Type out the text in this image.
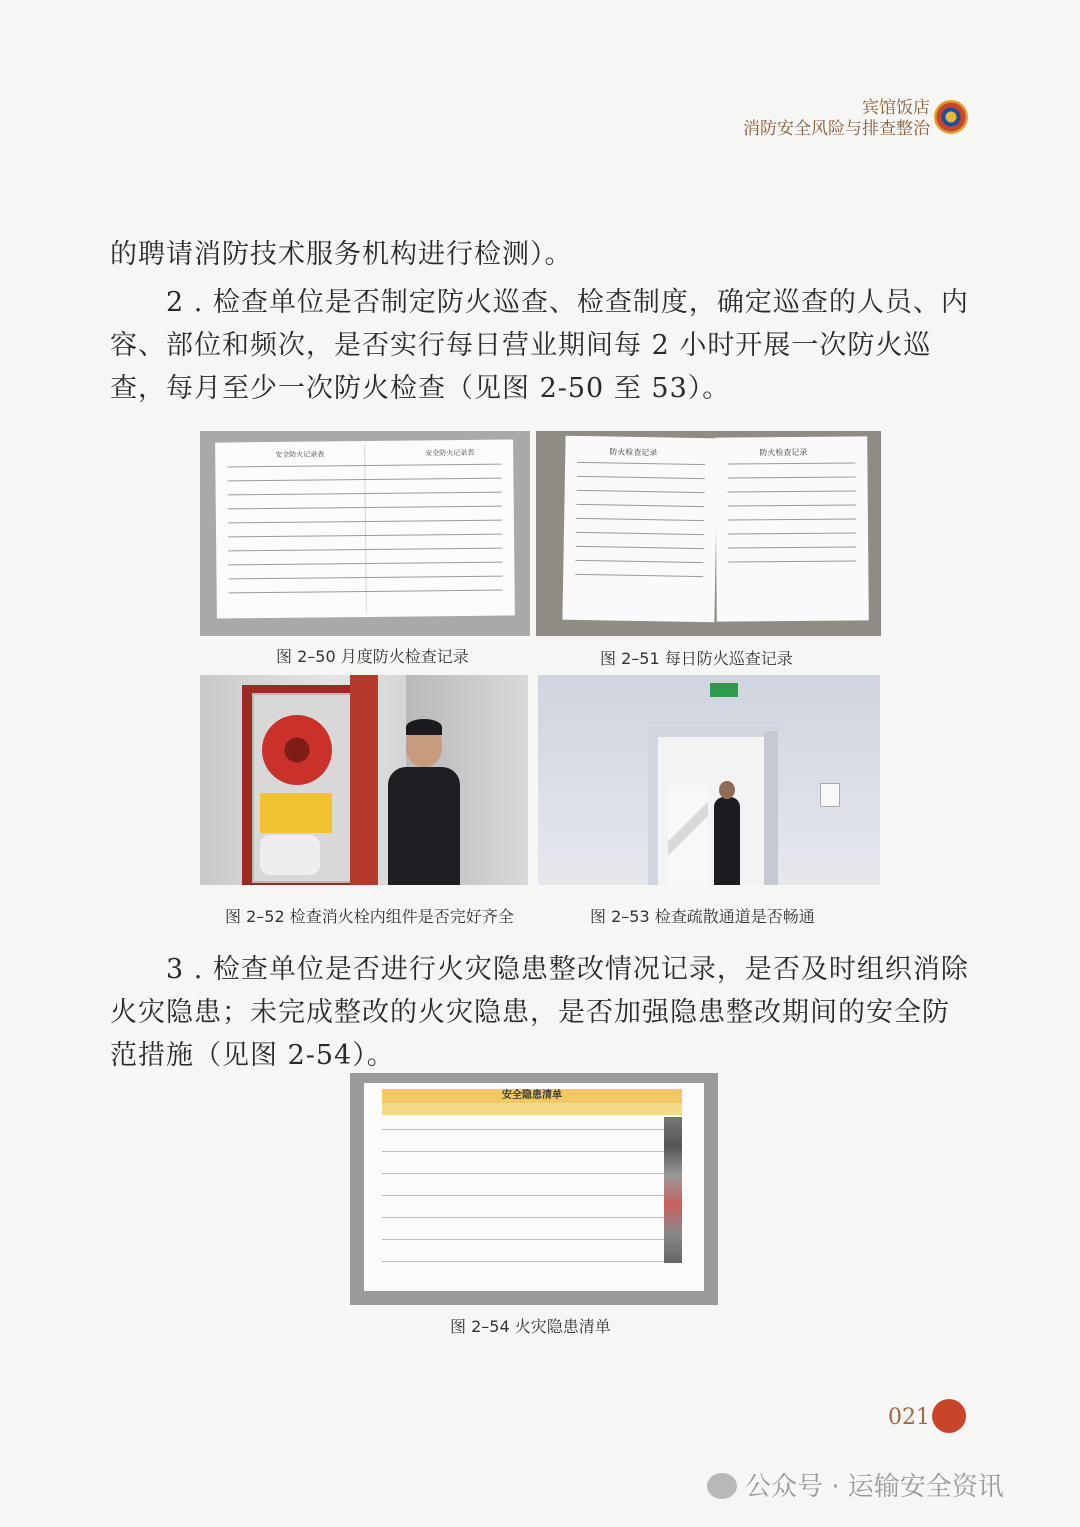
宾馆饭店
消防安全风险与排查整治
的聘请消防技术服务机构进行检测）。
2 . 检查单位是否制定防火巡查、检查制度，确定巡查的人员、内容、部位和频次，是否实行每日营业期间每 2 小时开展一次防火巡查，每月至少一次防火检查（见图 2-50 至 53）。
安全防火记录表	安全防火记录表
图 2–50 月度防火检查记录
防火检查记录	防火检查记录
图 2–51 每日防火巡查记录
图 2–52 检查消火栓内组件是否完好齐全	图 2–53 检查疏散通道是否畅通
3 . 检查单位是否进行火灾隐患整改情况记录，是否及时组织消除火灾隐患；未完成整改的火灾隐患，是否加强隐患整改期间的安全防范措施（见图 2-54）。
安全隐患清单
图 2–54 火灾隐患清单
021
公众号 · 运输安全资讯
